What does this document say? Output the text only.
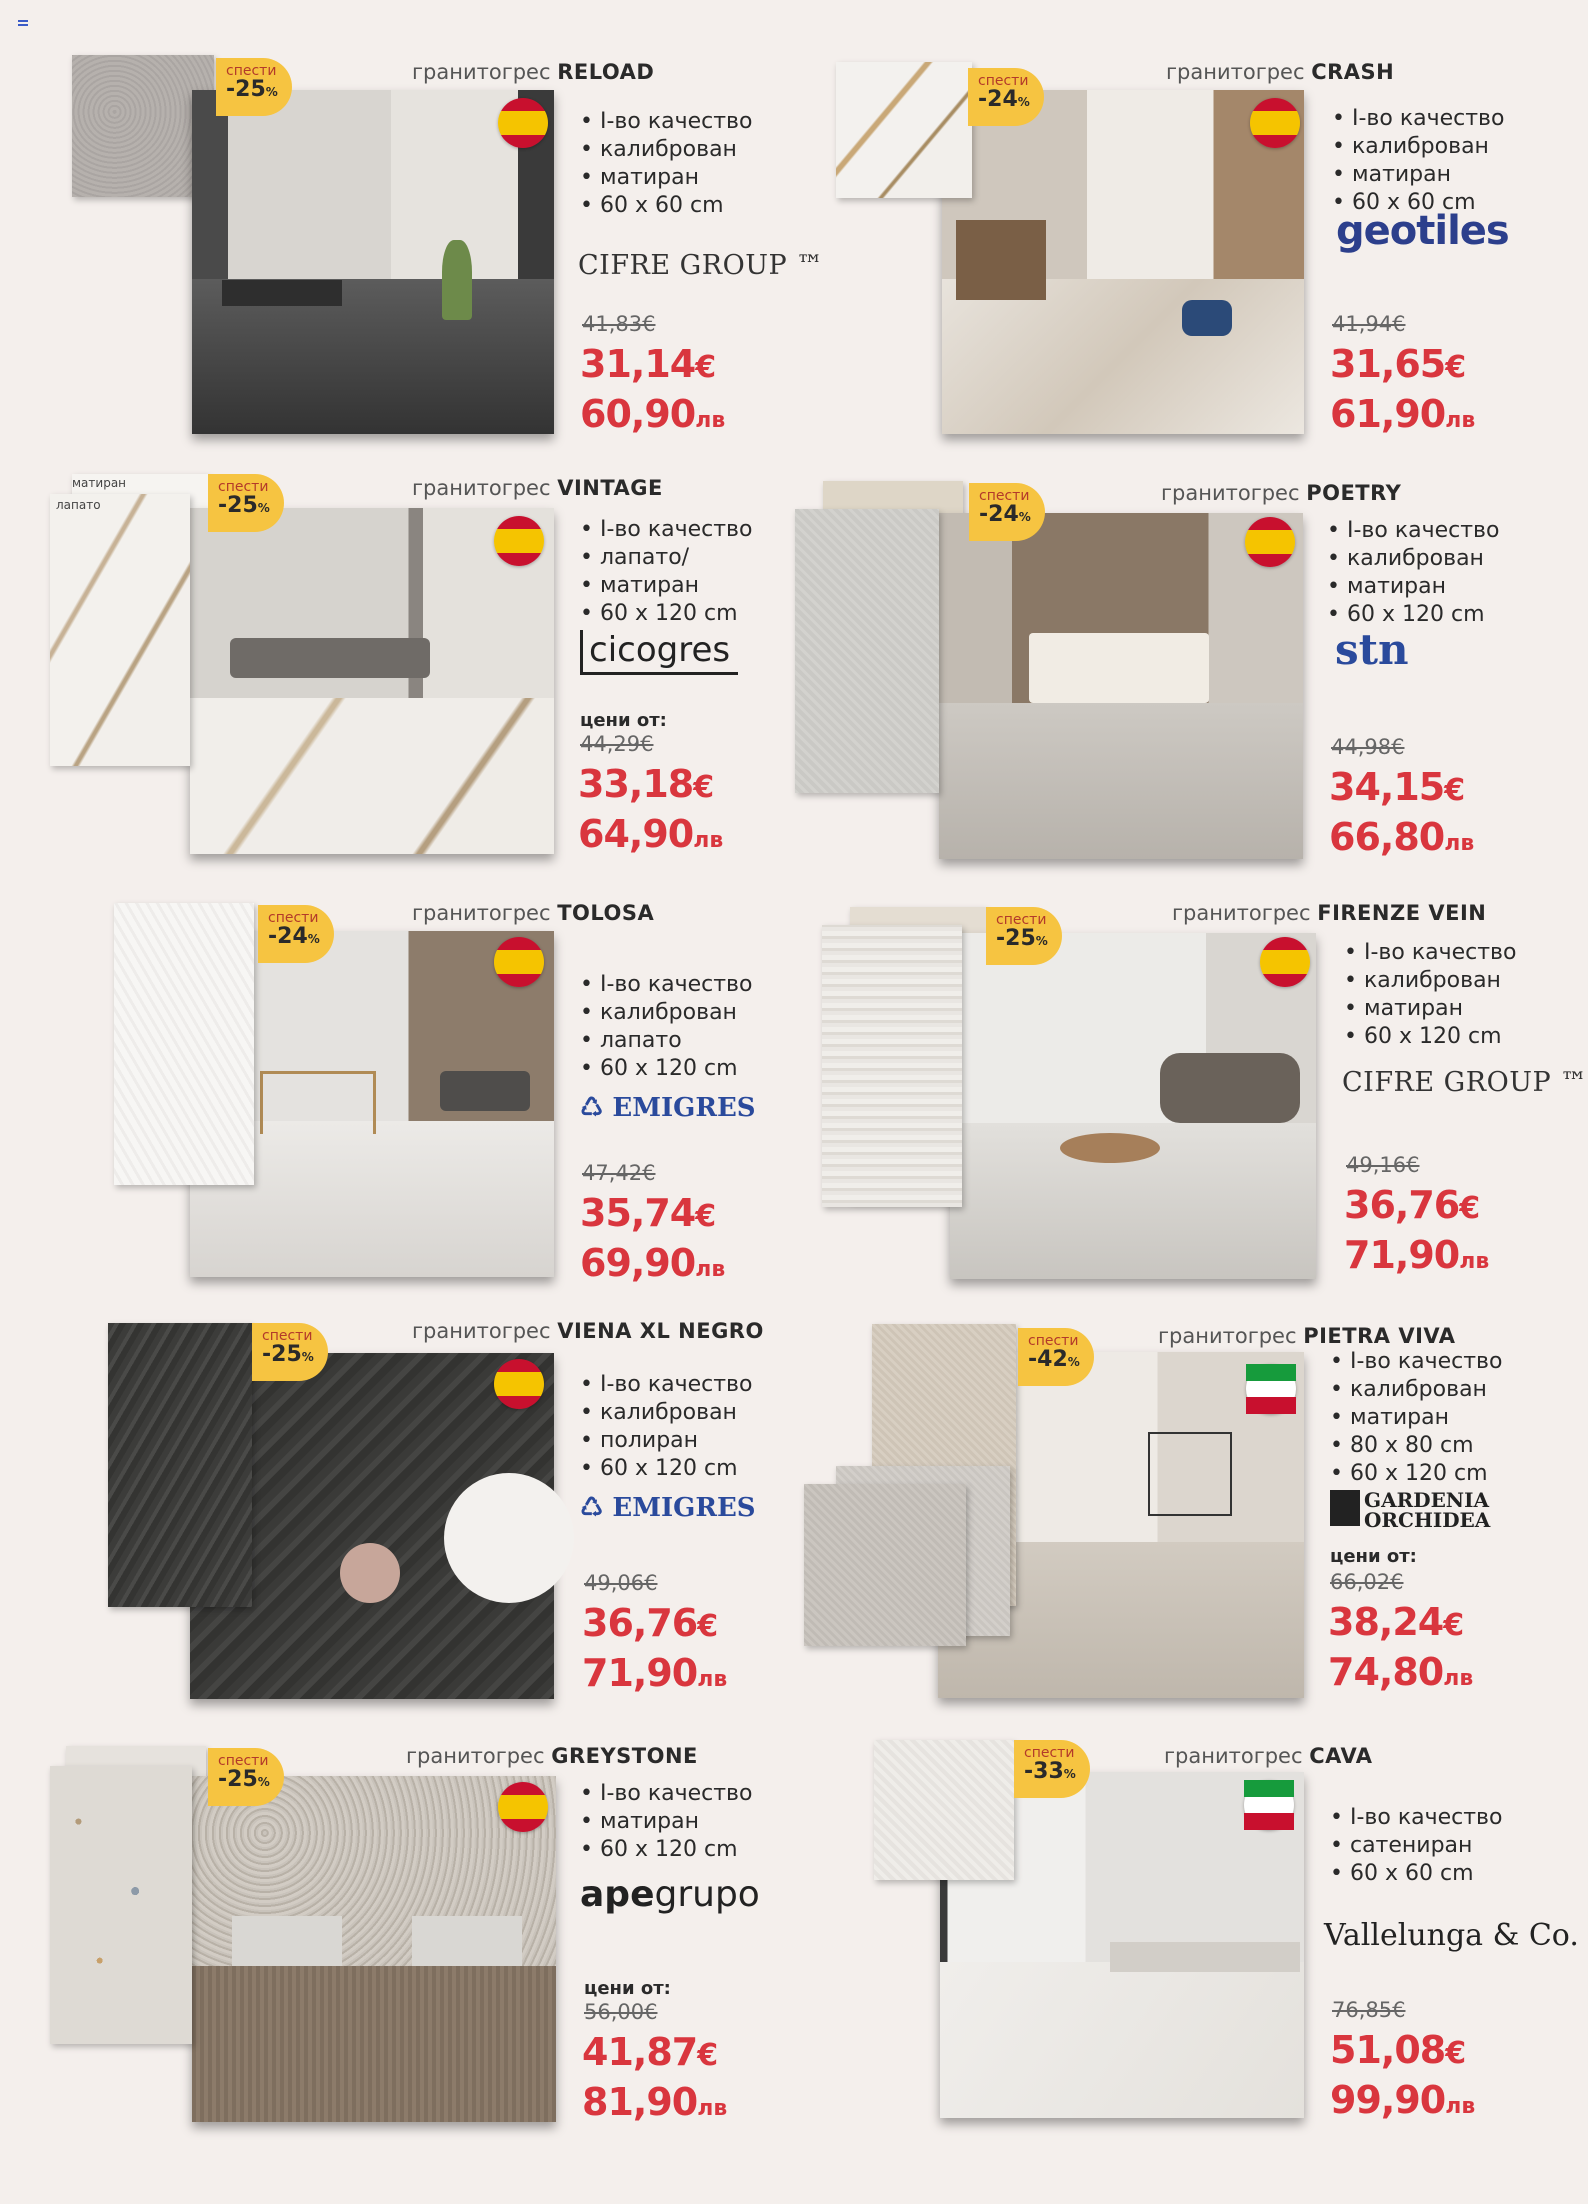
спести
-25%
гранитогрес RELOAD
• I-во качество
• калиброван
• матиран
• 60 x 60 cm
CIFRE GROUP ™
41,83€
31,14€
60,90лв
спести
-24%
гранитогрес CRASH
• I-во качество
• калиброван
• матиран
• 60 x 60 cm
geotiles
41,94€
31,65€
61,90лв
матиран
лапато
спести
-25%
гранитогрес VINTAGE
• I-во качество
• лапато/
• матиран
• 60 x 120 cm
cicogres
цени от:
44,29€
33,18€
64,90лв
спести
-24%
гранитогрес POETRY
• I-во качество
• калиброван
• матиран
• 60 x 120 cm
stn
44,98€
34,15€
66,80лв
спести
-24%
гранитогрес TOLOSA
• I-во качество
• калиброван
• лапато
• 60 x 120 cm
♺ EMIGRES
47,42€
35,74€
69,90лв
спести
-25%
гранитогрес FIRENZE VEIN
• I-во качество
• калиброван
• матиран
• 60 x 120 cm
CIFRE GROUP ™
49,16€
36,76€
71,90лв
спести
-25%
гранитогрес VIENA XL NEGRO
• I-во качество
• калиброван
• полиран
• 60 x 120 cm
♺ EMIGRES
49,06€
36,76€
71,90лв
спести
-42%
гранитогрес PIETRA VIVA
• I-во качество
• калиброван
• матиран
• 80 x 80 cm
• 60 x 120 cm
GARDENIA
ORCHIDEA
цени от:
66,02€
38,24€
74,80лв
спести
-25%
гранитогрес GREYSTONE
• I-во качество
• матиран
• 60 x 120 cm
apegrupo
цени от:
56,00€
41,87€
81,90лв
спести
-33%
гранитогрес CAVA
• I-во качество
• сатениран
• 60 x 60 cm
Vallelunga & Co.
76,85€
51,08€
99,90лв
